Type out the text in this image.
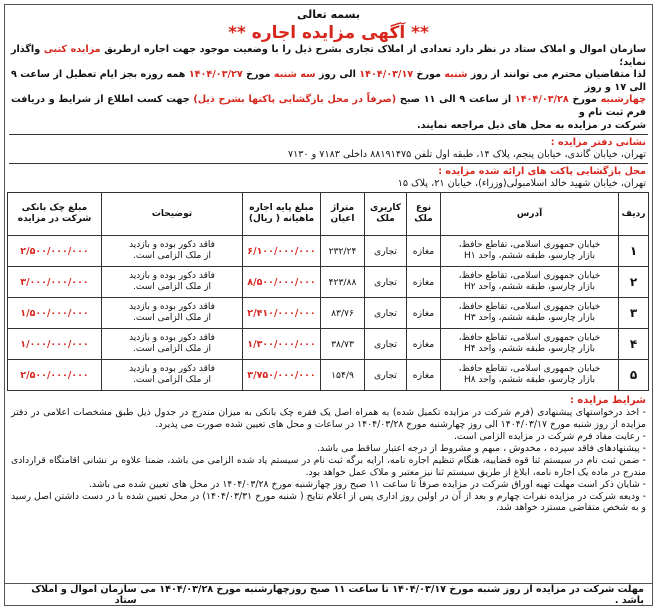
بسمه تعالی
** آگهی مزایده اجاره **
سازمان اموال و املاک ستاد در نظر دارد تعدادی از املاک تجاری بشرح ذیل را با وضعیت موجود جهت اجاره ازطریق مزایده کتبی واگذار نماید؛
لذا متقاضیان محترم می توانند از روز شنبه مورخ ۱۴۰۴/۰۳/۱۷ الی روز سه شنبه مورخ ۱۴۰۴/۰۳/۲۷ همه روزه بجز ایام تعطیل از ساعت ۹ الی ۱۷ و روز
چهارشنبه مورخ ۱۴۰۴/۰۳/۲۸ از ساعت ۹ الی ۱۱ صبح (صرفاً در محل بازگشایی پاکتها بشرح ذیل) جهت کسب اطلاع از شرایط و دریافت فرم ثبت نام و
شرکت در مزایده به محل های ذیل مراجعه نمایند.
نشانی دفتر مزایده :
تهران، خیابان گاندی، خیابان پنجم، پلاک ۱۴، طبقه اول تلفن ۸۸۱۹۱۴۷۵ داخلی ۷۱۸۳ و ۷۱۳۰
محل بازگشایی پاکت های ارائه شده مزایده :
تهران، خیابان شهید خالد اسلامبولی(وزراء)، خیابان ۲۱، پلاک ۱۵
ردیف	آدرس	نوع ملک	کاربری ملک	متراژ اعیان	مبلغ پایه اجاره ماهیانه ( ریال)	توضیحات	مبلغ چک بانکی شرکت در مزایده
۱	خیابان جمهوری اسلامی، تقاطع حافظ،
بازار چارسو، طبقه ششم، واحد H۱	مغازه	تجاری	۲۳۲/۲۴	۶/۱۰۰/۰۰۰/۰۰۰	فاقد دکور بوده و بازدید
از ملک الزامی است.	۲/۵۰۰/۰۰۰/۰۰۰
۲	خیابان جمهوری اسلامی، تقاطع حافظ،
بازار چارسو، طبقه ششم، واحد H۲	مغازه	تجاری	۴۲۳/۸۸	۸/۵۰۰/۰۰۰/۰۰۰	فاقد دکور بوده و بازدید
از ملک الزامی است.	۳/۰۰۰/۰۰۰/۰۰۰
۳	خیابان جمهوری اسلامی، تقاطع حافظ،
بازار چارسو، طبقه ششم، واحد H۳	مغازه	تجاری	۸۳/۷۶	۲/۴۱۰/۰۰۰/۰۰۰	فاقد دکور بوده و بازدید
از ملک الزامی است.	۱/۵۰۰/۰۰۰/۰۰۰
۴	خیابان جمهوری اسلامی، تقاطع حافظ،
بازار چارسو، طبقه ششم، واحد H۴	مغازه	تجاری	۳۸/۷۳	۱/۳۰۰/۰۰۰/۰۰۰	فاقد دکور بوده و بازدید
از ملک الزامی است.	۱/۰۰۰/۰۰۰/۰۰۰
۵	خیابان جمهوری اسلامی، تقاطع حافظ،
بازار چارسو، طبقه ششم، واحد H۸	مغازه	تجاری	۱۵۴/۹	۳/۷۵۰/۰۰۰/۰۰۰	فاقد دکور بوده و بازدید
از ملک الزامی است.	۲/۵۰۰/۰۰۰/۰۰۰
شرایط مزایده :
- اخذ درخواستهای پیشنهادی (فرم شرکت در مزایده تکمیل شده) به همراه اصل یک فقره چک بانکی به میزان مندرج در جدول ذیل طبق مشخصات اعلامی در دفتر مزایده از روز شنبه مورخ ۱۴۰۴/۰۳/۱۷ الی روز چهارشنبه مورخ ۱۴۰۴/۰۳/۲۸ در ساعات و محل های تعیین شده صورت می پذیرد.
- رعایت مفاد فرم شرکت در مزایده الزامی است.
- پیشنهادهای فاقد سپرده ، مخدوش ، مبهم و مشروط از درجه اعتبار ساقط می باشد.
- ضمن ثبت نام در سیستم ثنا قوه قضاییه، هنگام تنظیم اجاره نامه، ارایه برگه ثبت نام در سیستم یاد شده الزامی می باشد، ضمنا علاوه بر نشانی اقامتگاه قراردادی مندرج در ماده یک اجاره نامه، ابلاغ از طریق سیستم ثنا نیز معتبر و ملاک عمل خواهد بود.
- شایان ذکر است مهلت تهیه اوراق شرکت در مزایده صرفاً تا ساعت ۱۱ صبح روز چهارشنبه مورخ ۱۴۰۴/۰۳/۲۸ در محل های تعیین شده می باشد.
- ودیعه شرکت در مزایده نفرات چهارم و بعد از آن در اولین روز اداری پس از اعلام نتایج ( شنبه مورخ ۱۴۰۴/۰۳/۳۱) در محل تعیین شده با در دست داشتن اصل رسید و به شخص متقاضی مسترد خواهد شد.
مهلت شرکت در مزایده از روز شنبه مورخ ۱۴۰۴/۰۳/۱۷ تا ساعت ۱۱ صبح روزچهارشنبه مورخ ۱۴۰۴/۰۳/۲۸ می باشد .
سازمان اموال و املاک ستاد
